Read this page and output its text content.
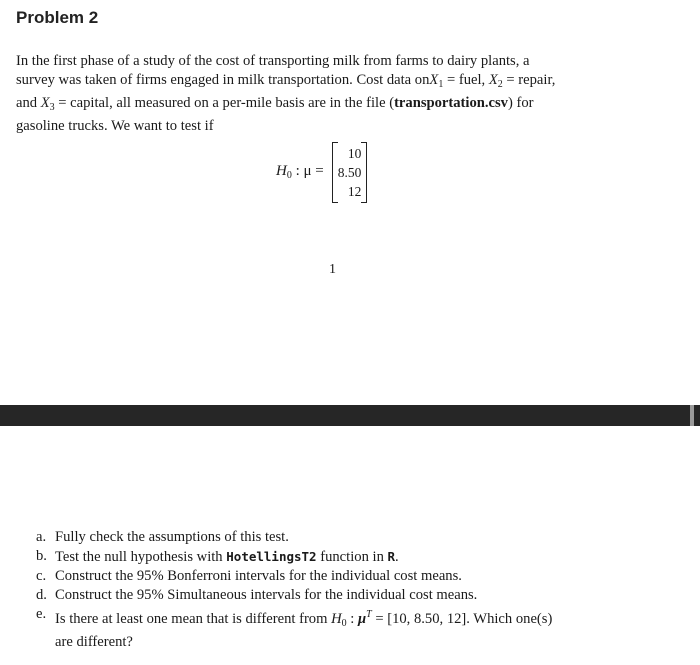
Problem 2
In the first phase of a study of the cost of transporting milk from farms to dairy plants, a
survey was taken of firms engaged in milk transportation. Cost data on $X_1$ = fuel, $X_2$ = repair,
and $X_3$ = capital, all measured on a per-mile basis are in the file ( transportation.csv ) for
gasoline trucks. We want to test if
$H_0$ : μ =
10
8.50
12
1
a. Fully check the assumptions of this test.
b. Test the null hypothesis with HotellingsT2 function in R.
c. Construct the 95% Bonferroni intervals for the individual cost means.
d. Construct the 95% Simultaneous intervals for the individual cost means.
e. Is there at least one mean that is different from $H_0$ : $\mu^T = [10$, 8.50, 12]. Which one(s)
are different?
